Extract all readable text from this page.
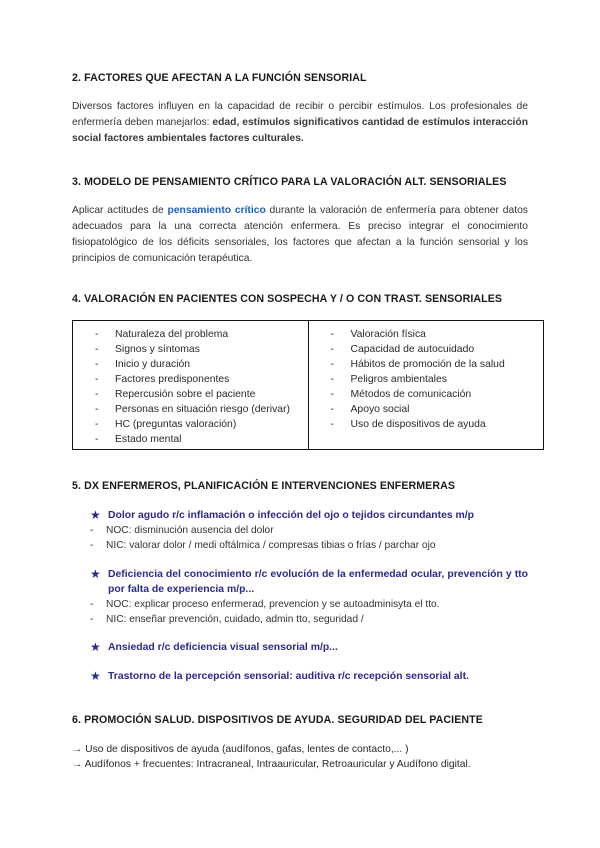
2. FACTORES QUE AFECTAN A LA FUNCIÓN SENSORIAL
Diversos factores influyen en la capacidad de recibir o percibir estímulos. Los profesionales de enfermería deben manejarlos: edad, estímulos significativos cantidad de estímulos interacción social factores ambientales factores culturales.
3. MODELO DE PENSAMIENTO CRÍTICO PARA LA VALORACIÓN ALT. SENSORIALES
Aplicar actitudes de pensamiento crítico durante la valoración de enfermería para obtener datos adecuados para la una correcta atención enfermera. Es preciso integrar el conocimiento fisiopatológico de los déficits sensoriales, los factores que afectan a la función sensorial y los principios de comunicación terapéutica.
4. VALORACIÓN EN PACIENTES CON SOSPECHA Y / O CON TRAST. SENSORIALES
- Naturaleza del problema
- Signos y síntomas
- Inicio y duración
- Factores predisponentes
- Repercusión sobre el paciente
- Personas en situación riesgo (derivar)
- HC (preguntas valoración)
- Estado mental

- Valoración física
- Capacidad de autocuidado
- Hábitos de promoción de la salud
- Peligros ambientales
- Métodos de comunicación
- Apoyo social
- Uso de dispositivos de ayuda
5. DX ENFERMEROS, PLANIFICACIÓN E INTERVENCIONES ENFERMERAS
★ Dolor agudo r/c inflamación o infección del ojo o tejidos circundantes m/p
- NOC: disminución ausencia del dolor
- NIC: valorar dolor / medi oftálmica / compresas tibias o frías / parchar ojo
★ Deficiencia del conocimiento r/c evolución de la enfermedad ocular, prevención y tto por falta de experiencia m/p...
- NOC: explicar proceso enfermerad, prevencion y se autoadminisyta el tto.
- NIC: enseñar prevención, cuidado, admin tto, seguridad /
★ Ansiedad r/c deficiencia visual sensorial m/p...
★ Trastorno de la percepción sensorial: auditiva r/c recepción sensorial alt.
6. PROMOCIÓN SALUD. DISPOSITIVOS DE AYUDA. SEGURIDAD DEL PACIENTE
→ Uso de dispositivos de ayuda (audífonos, gafas, lentes de contacto,... )
→ Audífonos + frecuentes: Intracraneal, Intraauricular, Retroauricular y Audífono digital.
